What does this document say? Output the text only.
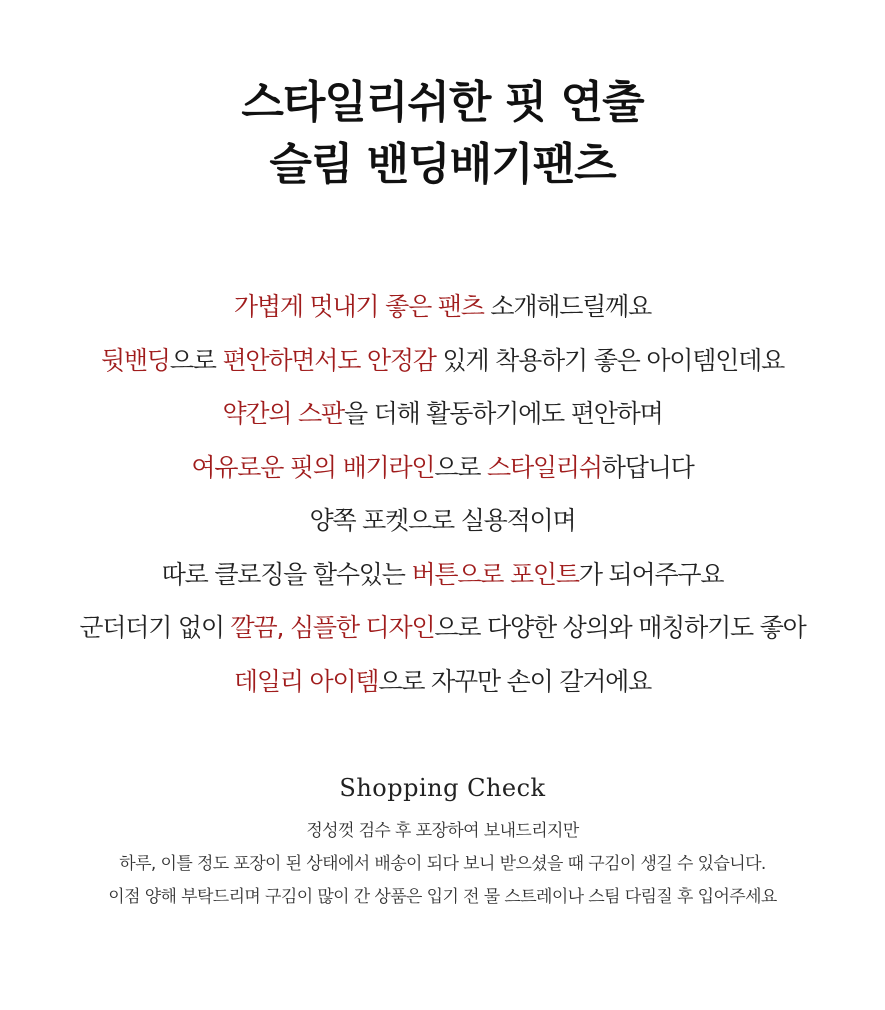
스타일리쉬한 핏 연출
슬림 밴딩배기팬츠
가볍게 멋내기 좋은 팬츠 소개해드릴께요
뒷밴딩으로 편안하면서도 안정감 있게 착용하기 좋은 아이템인데요
약간의 스판을 더해 활동하기에도 편안하며
여유로운 핏의 배기라인으로 스타일리쉬하답니다
양쪽 포켓으로 실용적이며
따로 클로징을 할수있는 버튼으로 포인트가 되어주구요
군더더기 없이 깔끔, 심플한 디자인으로 다양한 상의와 매칭하기도 좋아
데일리 아이템으로 자꾸만 손이 갈거에요
Shopping Check
정성껏 검수 후 포장하여 보내드리지만
하루, 이틀 정도 포장이 된 상태에서 배송이 되다 보니 받으셨을 때 구김이 생길 수 있습니다.
이점 양해 부탁드리며 구김이 많이 간 상품은 입기 전 물 스트레이나 스팀 다림질 후 입어주세요
